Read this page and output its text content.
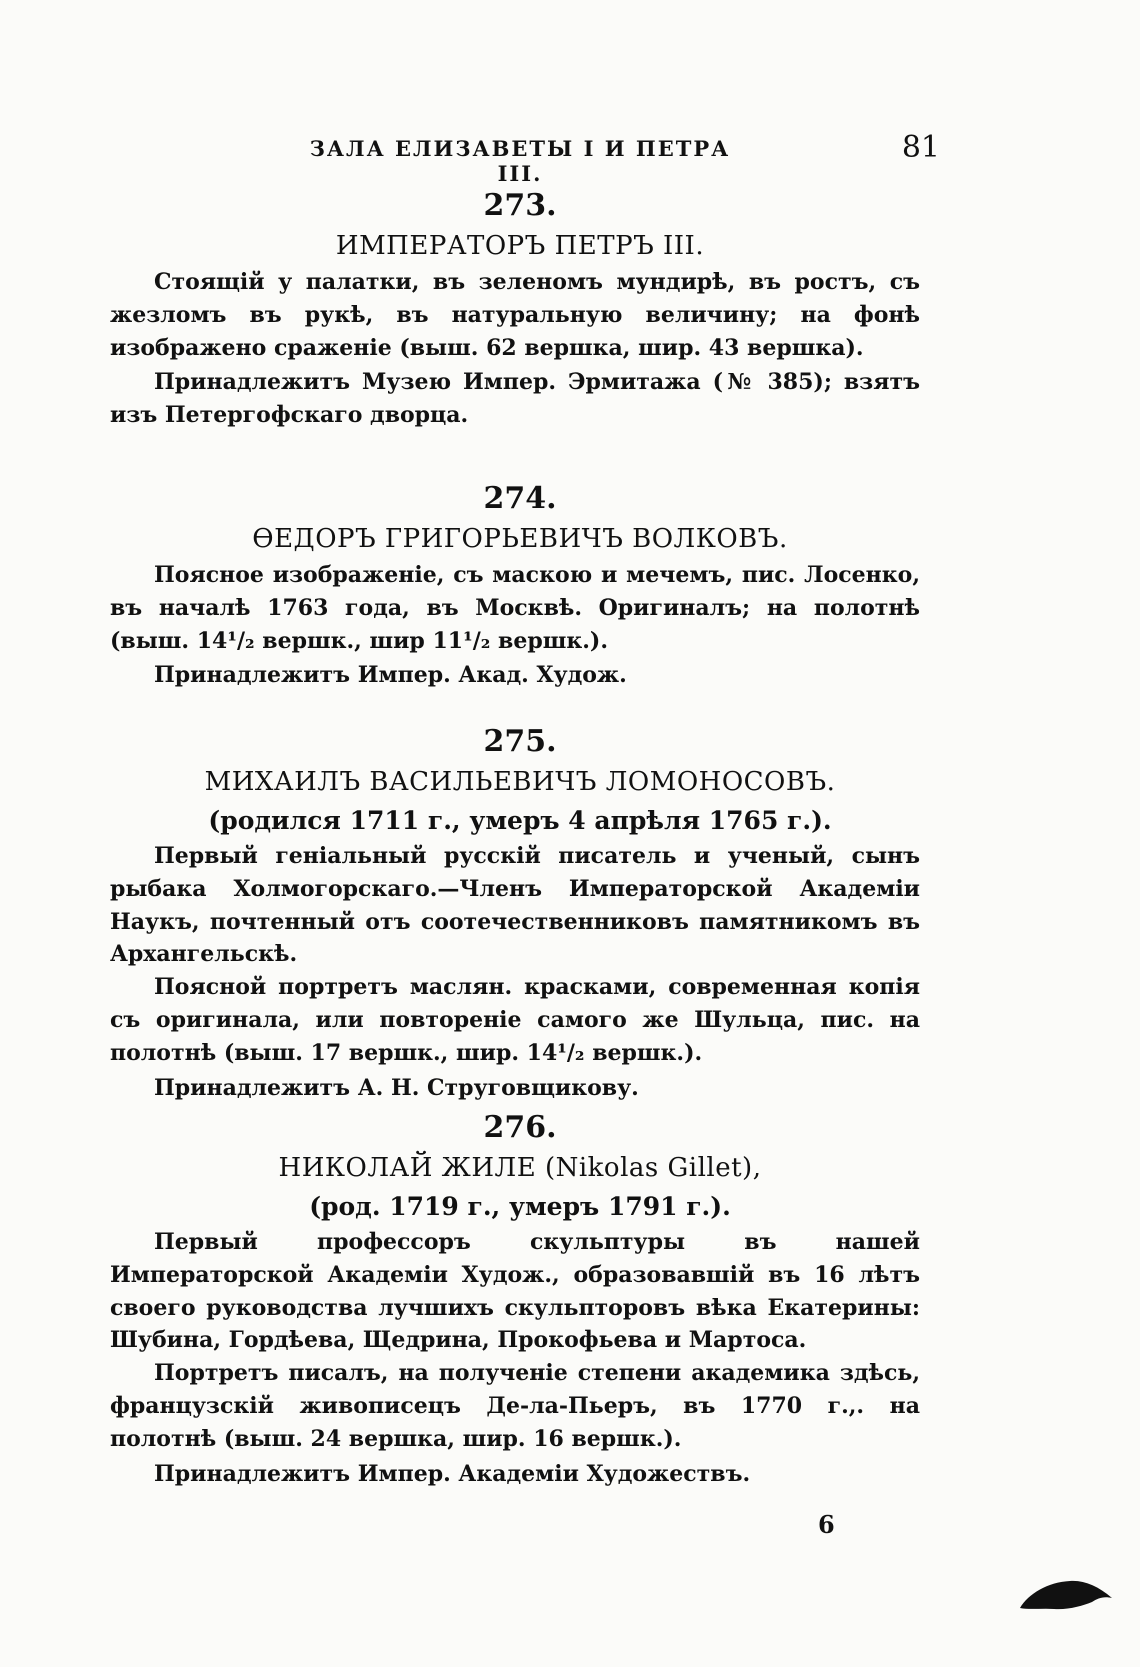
ЗАЛА ЕЛИЗАВЕТЫ I И ПЕТРА III.
81
273.
ИМПЕРАТОРЪ ПЕТРЪ III.

Стоящій у палатки, въ зеленомъ мундирѣ, въ ростъ, съ жезломъ въ рукѣ, въ натуральную величину; на фонѣ изображено сраженіе (выш. 62 вершка, шир. 43 вершка).

Принадлежитъ Музею Импер. Эрмитажа (№ 385); взятъ изъ Петергофскаго дворца.

274.
ѲЕДОРЪ ГРИГОРЬЕВИЧЪ ВОЛКОВЪ.

Поясное изображеніе, съ маскою и мечемъ, пис. Лосенко, въ началѣ 1763 года, въ Москвѣ. Оригиналъ; на полотнѣ (выш. 14¹/₂ вершк., шир 11¹/₂ вершк.).

Принадлежитъ Импер. Акад. Худож.

275.
МИХАИЛЪ ВАСИЛЬЕВИЧЪ ЛОМОНОСОВЪ.
(родился 1711 г., умеръ 4 апрѣля 1765 г.).

Первый геніальный русскій писатель и ученый, сынъ рыбака Холмогорскаго.—Членъ Императорской Академіи Наукъ, почтенный отъ соотечественниковъ памятникомъ въ Архангельскѣ.

Поясной портретъ маслян. красками, современная копія съ оригинала, или повтореніе самого же Шульца, пис. на полотнѣ (выш. 17 вершк., шир. 14¹/₂ вершк.).

Принадлежитъ А. Н. Струговщикову.

276.
НИКОЛАЙ ЖИЛЕ (Nikolas Gillet),
(род. 1719 г., умеръ 1791 г.).

Первый профессоръ скульптуры въ нашей Императорской Академіи Худож., образовавшій въ 16 лѣтъ своего руководства лучшихъ скульпторовъ вѣка Екатерины: Шубина, Гордѣева, Щедрина, Прокофьева и Мартоса.

Портретъ писалъ, на полученіе степени академика здѣсь, французскій живописецъ Де-ла-Пьеръ, въ 1770 г.,. на полотнѣ (выш. 24 вершка, шир. 16 вершк.).

Принадлежитъ Импер. Академіи Художествъ.

6
